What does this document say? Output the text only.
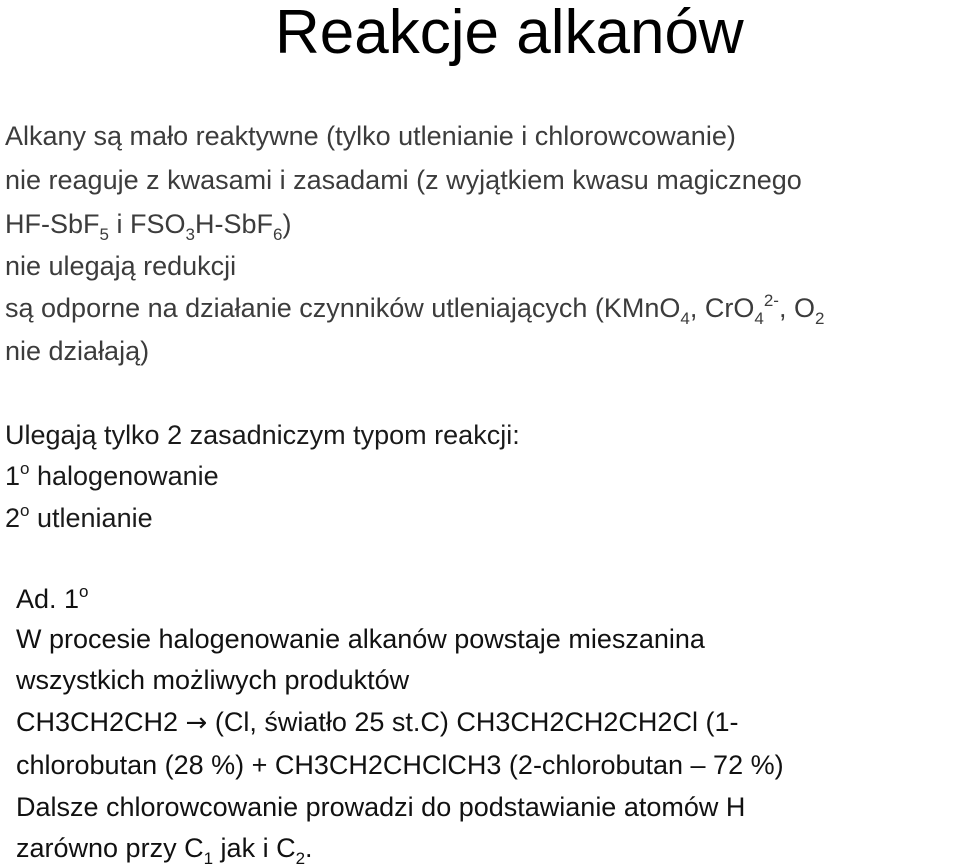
Reakcje alkanów
Alkany są mało reaktywne (tylko utlenianie i chlorowcowanie)
nie reaguje z kwasami i zasadami (z wyjątkiem kwasu magicznego
HF-SbF$_5$ i $FSO_3H-SbF_6$)
nie ulegają redukcji
są odporne na działanie czynników utleniających (KMnO$_4$, CrO$_4^{2-}$, $O_2$
nie działają)
Ulegają tylko 2 zasadniczym typom reakcji:
1$^o$ halogenowanie
2$^o$ utlenianie
Ad. 1$^o$
W procesie halogenowanie alkanów powstaje mieszanina
wszystkich możliwych produktów
CH3CH2CH2 → (Cl, światło 25 st.C) CH3CH2CH2CH2Cl (1-
chlorobutan (28 %) + CH3CH2CHClCH3 (2-chlorobutan – 72 %)
Dalsze chlorowcowanie prowadzi do podstawianie atomów H
zarówno przy $C_1$ jak i $C_2$.
